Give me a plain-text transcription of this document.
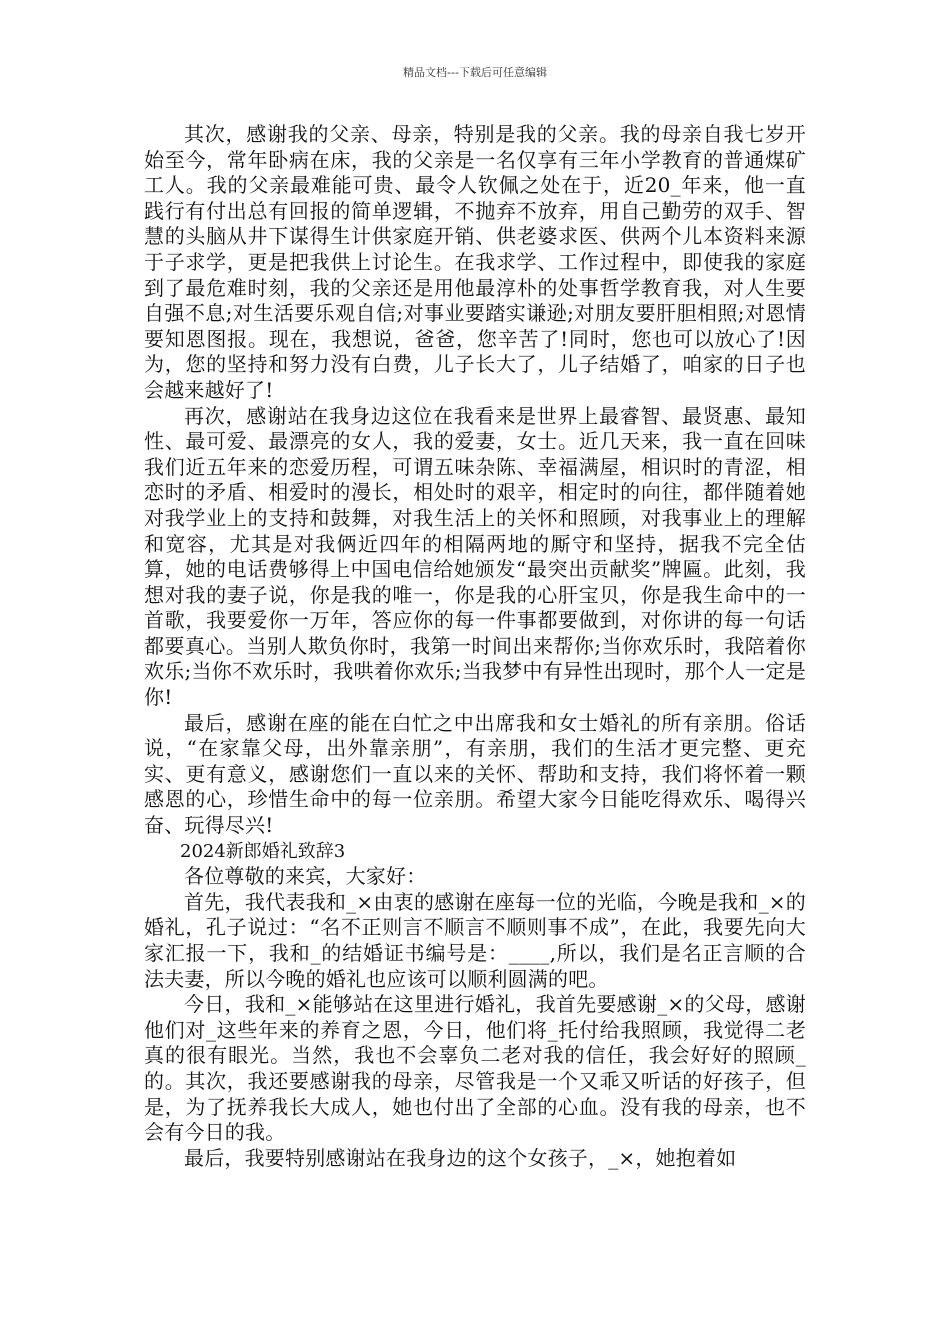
精品文档---下载后可任意编辑

其次，感谢我的父亲、母亲，特别是我的父亲。我的母亲自我七岁开始至今，常年卧病在床，我的父亲是一名仅享有三年小学教育的普通煤矿工人。我的父亲最难能可贵、最令人钦佩之处在于，近20_年来，他一直践行有付出总有回报的简单逻辑，不抛弃不放弃，用自己勤劳的双手、智慧的头脑从井下谋得生计供家庭开销、供老婆求医、供两个儿本资料来源于子求学，更是把我供上讨论生。在我求学、工作过程中，即使我的家庭到了最危难时刻，我的父亲还是用他最淳朴的处事哲学教育我，对人生要自强不息;对生活要乐观自信;对事业要踏实谦逊;对朋友要肝胆相照;对恩情要知恩图报。现在，我想说，爸爸，您辛苦了!同时，您也可以放心了!因为，您的坚持和努力没有白费，儿子长大了，儿子结婚了，咱家的日子也会越来越好了!

再次，感谢站在我身边这位在我看来是世界上最睿智、最贤惠、最知性、最可爱、最漂亮的女人，我的爱妻，女士。近几天来，我一直在回味我们近五年来的恋爱历程，可谓五味杂陈、幸福满屋，相识时的青涩，相恋时的矛盾、相爱时的漫长，相处时的艰辛，相定时的向往，都伴随着她对我学业上的支持和鼓舞，对我生活上的关怀和照顾，对我事业上的理解和宽容，尤其是对我俩近四年的相隔两地的厮守和坚持，据我不完全估算，她的电话费够得上中国电信给她颁发“最突出贡献奖”牌匾。此刻，我想对我的妻子说，你是我的唯一，你是我的心肝宝贝，你是我生命中的一首歌，我要爱你一万年，答应你的每一件事都要做到，对你讲的每一句话都要真心。当别人欺负你时，我第一时间出来帮你;当你欢乐时，我陪着你欢乐;当你不欢乐时，我哄着你欢乐;当我梦中有异性出现时，那个人一定是你!

最后，感谢在座的能在白忙之中出席我和女士婚礼的所有亲朋。俗话说，“在家靠父母，出外靠亲朋”，有亲朋，我们的生活才更完整、更充实、更有意义，感谢您们一直以来的关怀、帮助和支持，我们将怀着一颗感恩的心，珍惜生命中的每一位亲朋。希望大家今日能吃得欢乐、喝得兴奋、玩得尽兴!

2024新郎婚礼致辞3

各位尊敬的来宾，大家好：

首先，我代表我和_×由衷的感谢在座每一位的光临，今晚是我和_×的婚礼，孔子说过：“名不正则言不顺言不顺则事不成”，在此，我要先向大家汇报一下，我和_的结婚证书编号是：____,所以，我们是名正言顺的合法夫妻，所以今晚的婚礼也应该可以顺利圆满的吧。

今日，我和_×能够站在这里进行婚礼，我首先要感谢_×的父母，感谢他们对_这些年来的养育之恩，今日，他们将_托付给我照顾，我觉得二老真的很有眼光。当然，我也不会辜负二老对我的信任，我会好好的照顾_的。其次，我还要感谢我的母亲，尽管我是一个又乖又听话的好孩子，但是，为了抚养我长大成人，她也付出了全部的心血。没有我的母亲，也不会有今日的我。

最后，我要特别感谢站在我身边的这个女孩子，_×，她抱着如
